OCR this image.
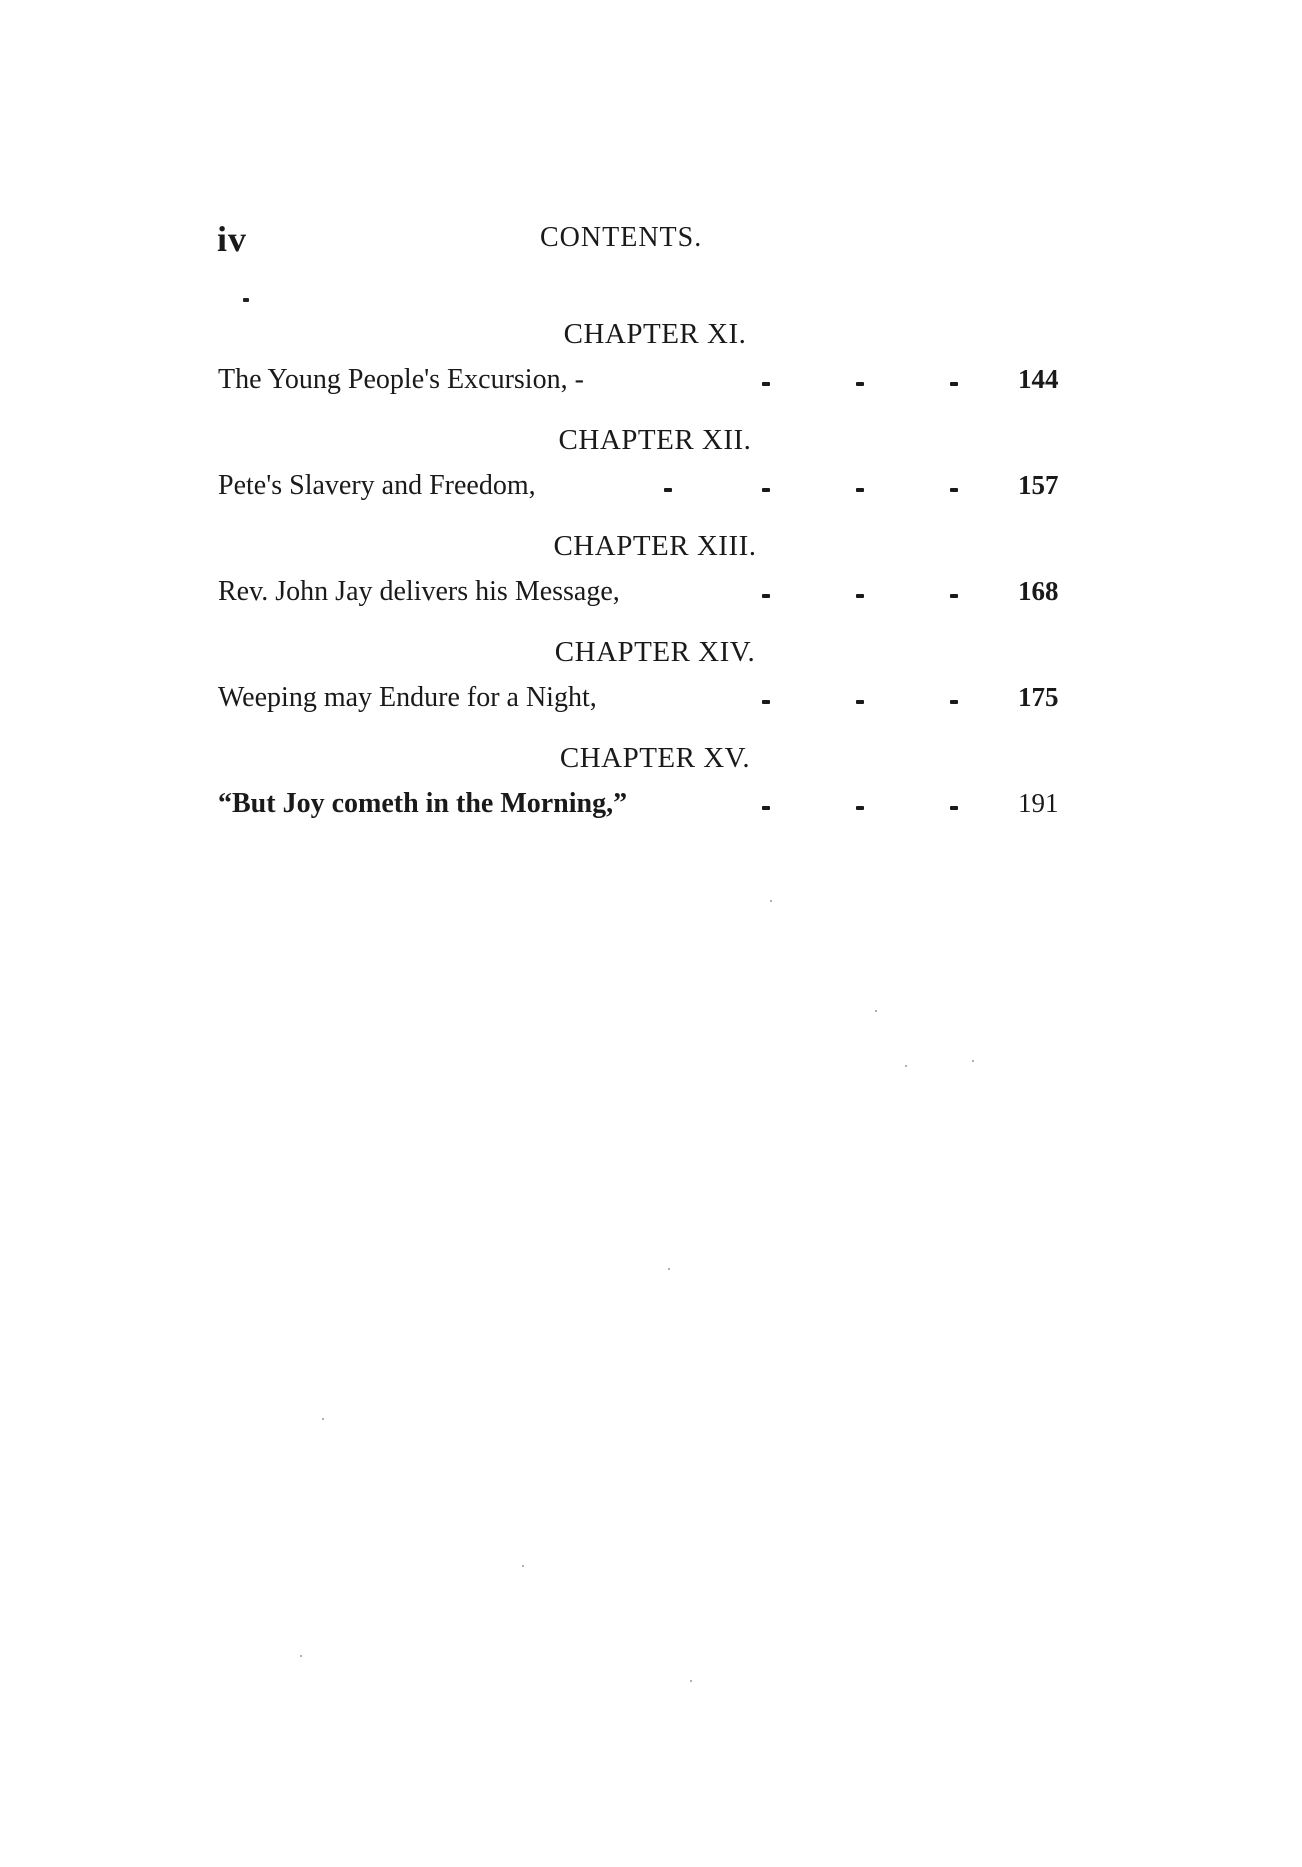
iv	CONTENTS.
CHAPTER XI.
The Young People's Excursion, -	144
CHAPTER XII.
Pete's Slavery and Freedom,	157
CHAPTER XIII.
Rev. John Jay delivers his Message,	168
CHAPTER XIV.
Weeping may Endure for a Night,	175
CHAPTER XV.
“But Joy cometh in the Morning,”	191
